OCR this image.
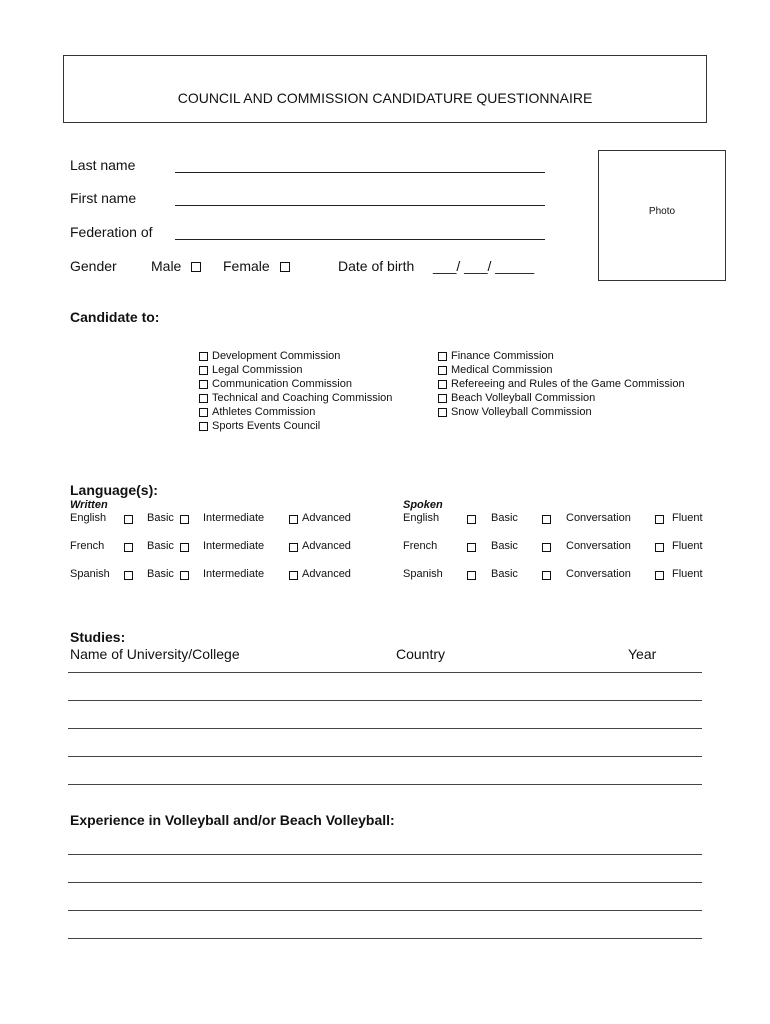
COUNCIL AND COMMISSION CANDIDATURE QUESTIONNAIRE
Photo
Last name
First name
Federation of
Gender Male	Female	Date of birth ___/ ___/ _____
Candidate to:
Development Commission
Legal Commission
Communication Commission
Technical and Coaching Commission
Athletes Commission
Sports Events Council
Finance Commission
Medical Commission
Refereeing and Rules of the Game Commission
Beach Volleyball Commission
Snow Volleyball Commission
Language(s):
Written	Spoken
English	Basic	Intermediate	Advanced	English	Basic	Conversation	Fluent
French	Basic	Intermediate	Advanced	French	Basic	Conversation	Fluent
Spanish	Basic	Intermediate	Advanced	Spanish	Basic	Conversation	Fluent
Studies:
Name of University/College	Country	Year
Experience in Volleyball and/or Beach Volleyball:
